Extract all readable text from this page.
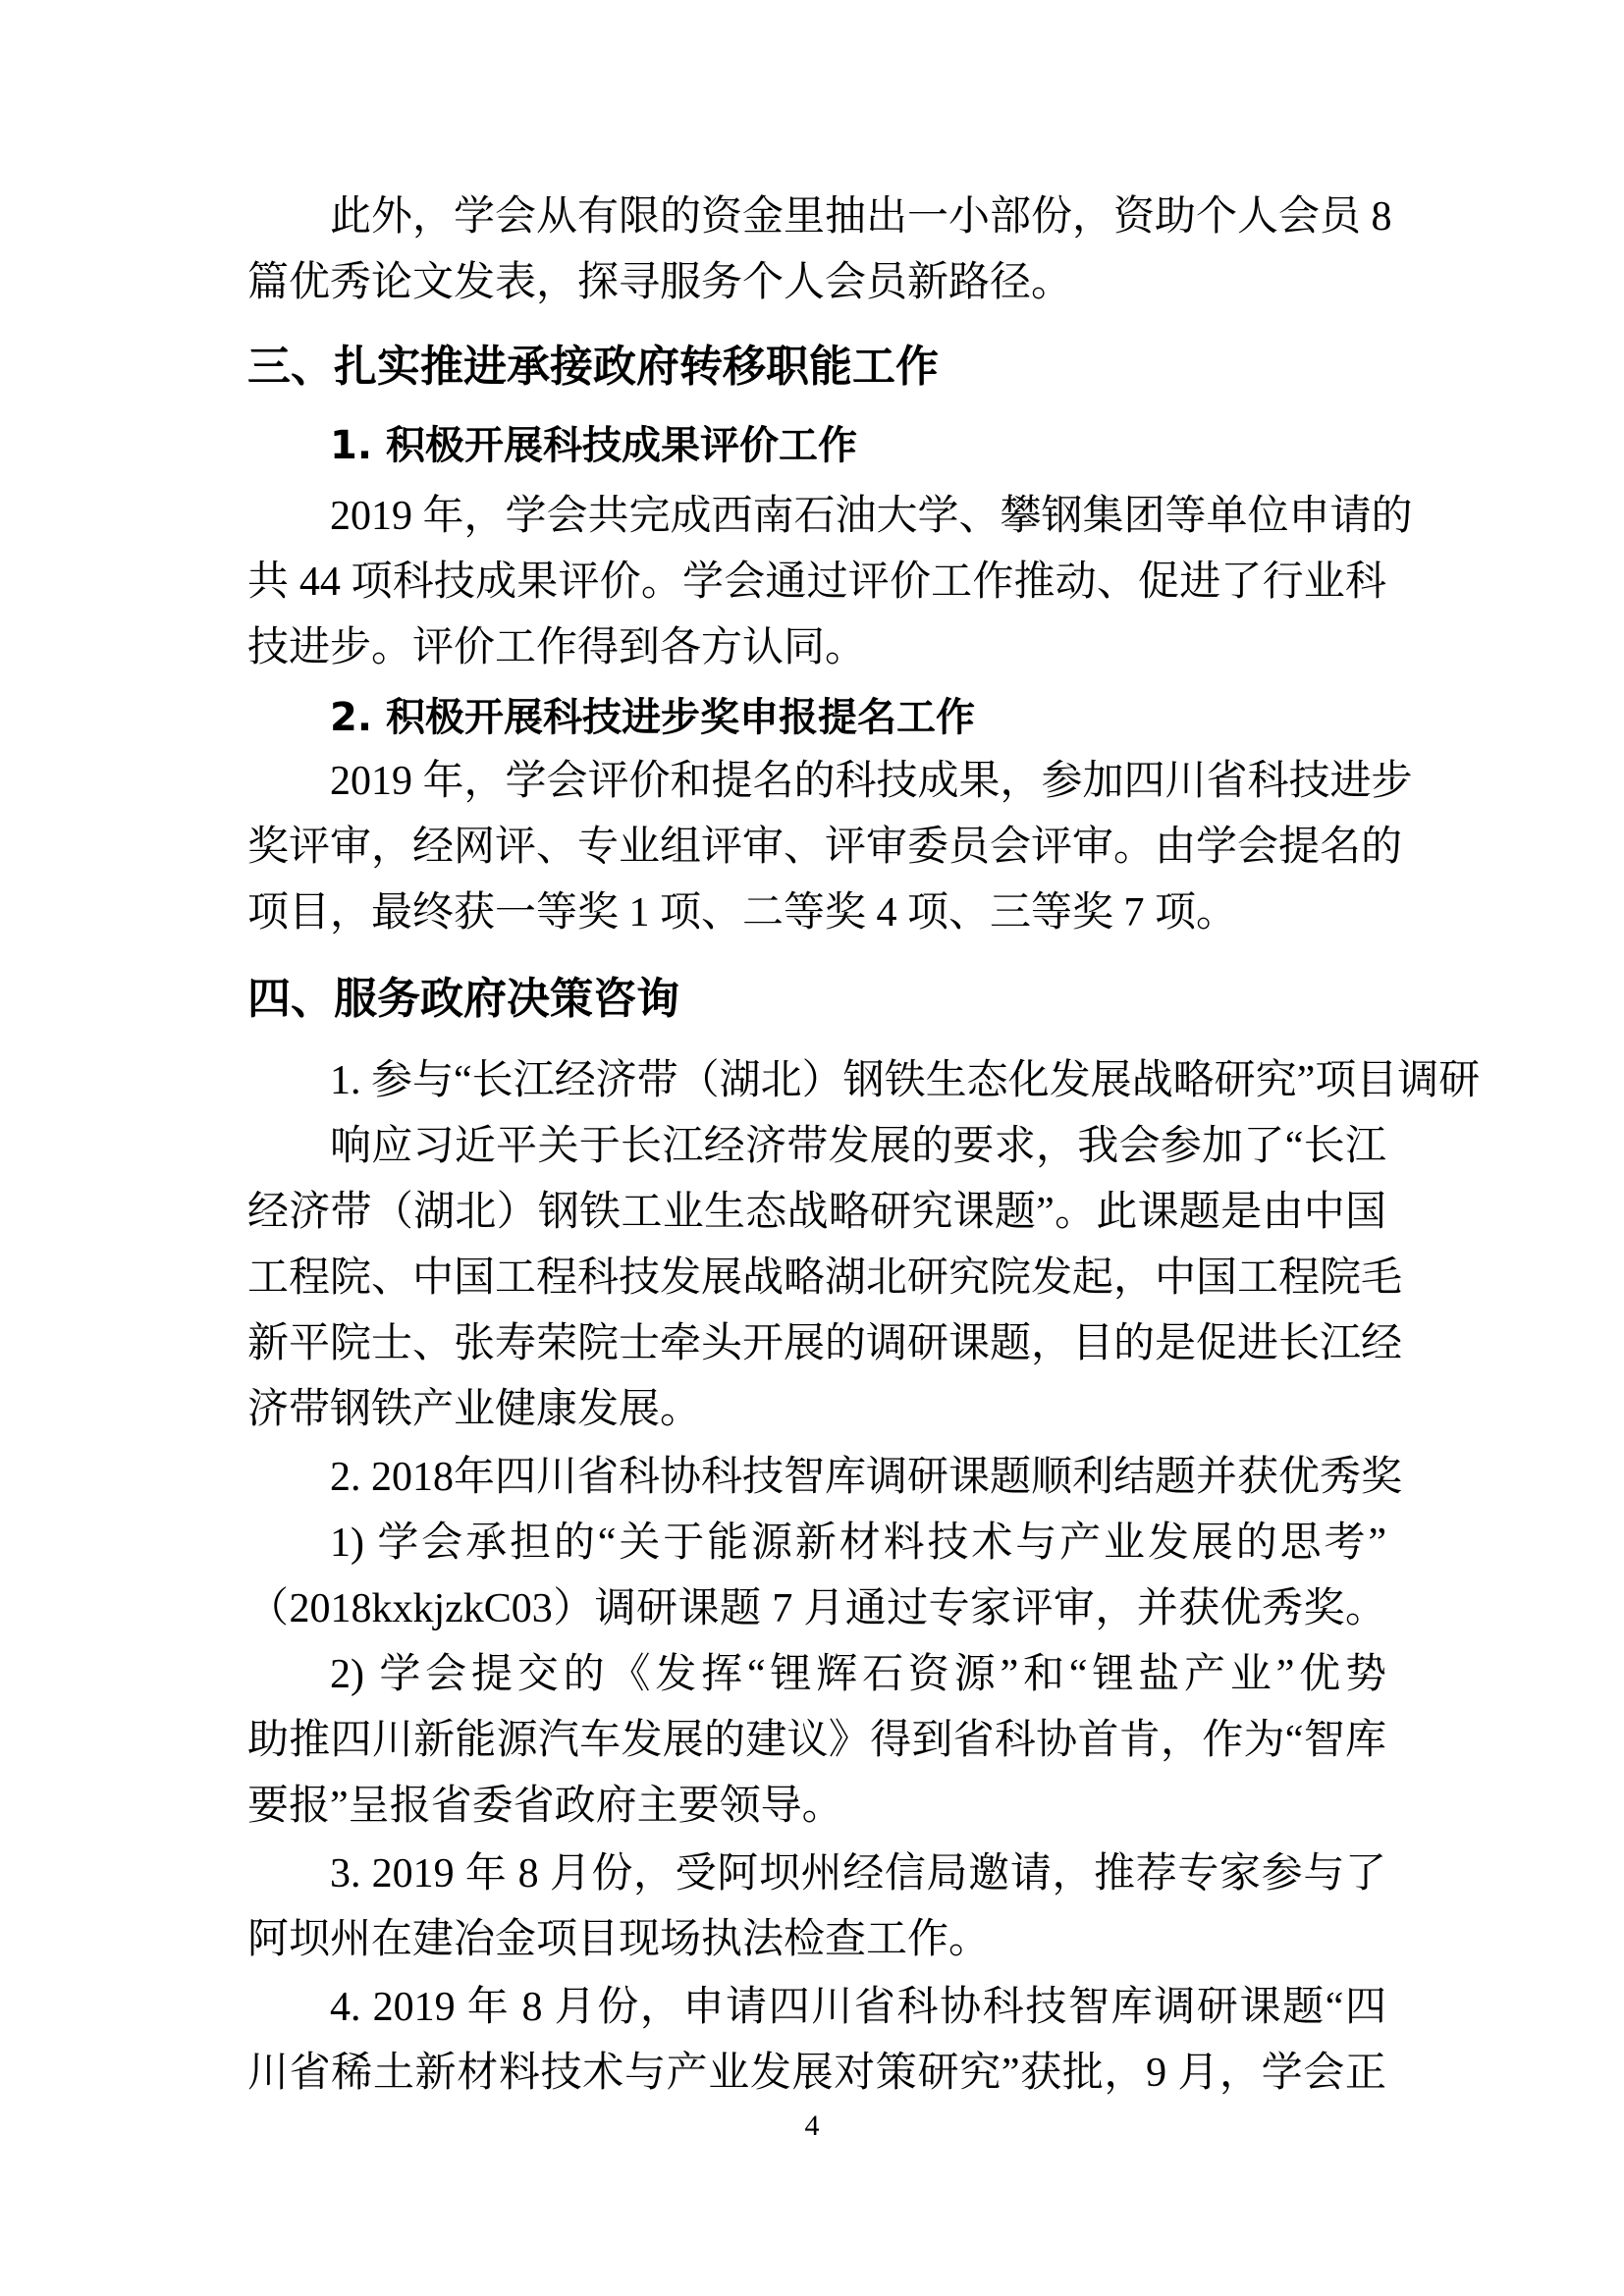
此外，学会从有限的资金里抽出一小部份，资助个人会员 8
篇优秀论文发表，探寻服务个人会员新路径。
三、扎实推进承接政府转移职能工作
1. 积极开展科技成果评价工作
2019 年，学会共完成西南石油大学、攀钢集团等单位申请的
共 44 项科技成果评价。学会通过评价工作推动、促进了行业科
技进步。评价工作得到各方认同。
2. 积极开展科技进步奖申报提名工作
2019 年，学会评价和提名的科技成果，参加四川省科技进步
奖评审，经网评、专业组评审、评审委员会评审。由学会提名的
项目，最终获一等奖 1 项、二等奖 4 项、三等奖 7 项。
四、服务政府决策咨询
1. 参与“长江经济带（湖北）钢铁生态化发展战略研究”项目调研
响应习近平关于长江经济带发展的要求，我会参加了“长江
经济带（湖北）钢铁工业生态战略研究课题”。此课题是由中国
工程院、中国工程科技发展战略湖北研究院发起，中国工程院毛
新平院士、张寿荣院士牵头开展的调研课题，目的是促进长江经
济带钢铁产业健康发展。
2. 2018年四川省科协科技智库调研课题顺利结题并获优秀奖
1) 学会承担的“关于能源新材料技术与产业发展的思考”
（2018kxkjzkC03）调研课题 7 月通过专家评审，并获优秀奖。
2) 学会提交的《发挥“锂辉石资源”和“锂盐产业”优势
助推四川新能源汽车发展的建议》得到省科协首肯，作为“智库
要报”呈报省委省政府主要领导。
3. 2019 年 8 月份，受阿坝州经信局邀请，推荐专家参与了
阿坝州在建冶金项目现场执法检查工作。
4. 2019 年 8 月份，申请四川省科协科技智库调研课题“四
川省稀土新材料技术与产业发展对策研究”获批，9 月，学会正
4
